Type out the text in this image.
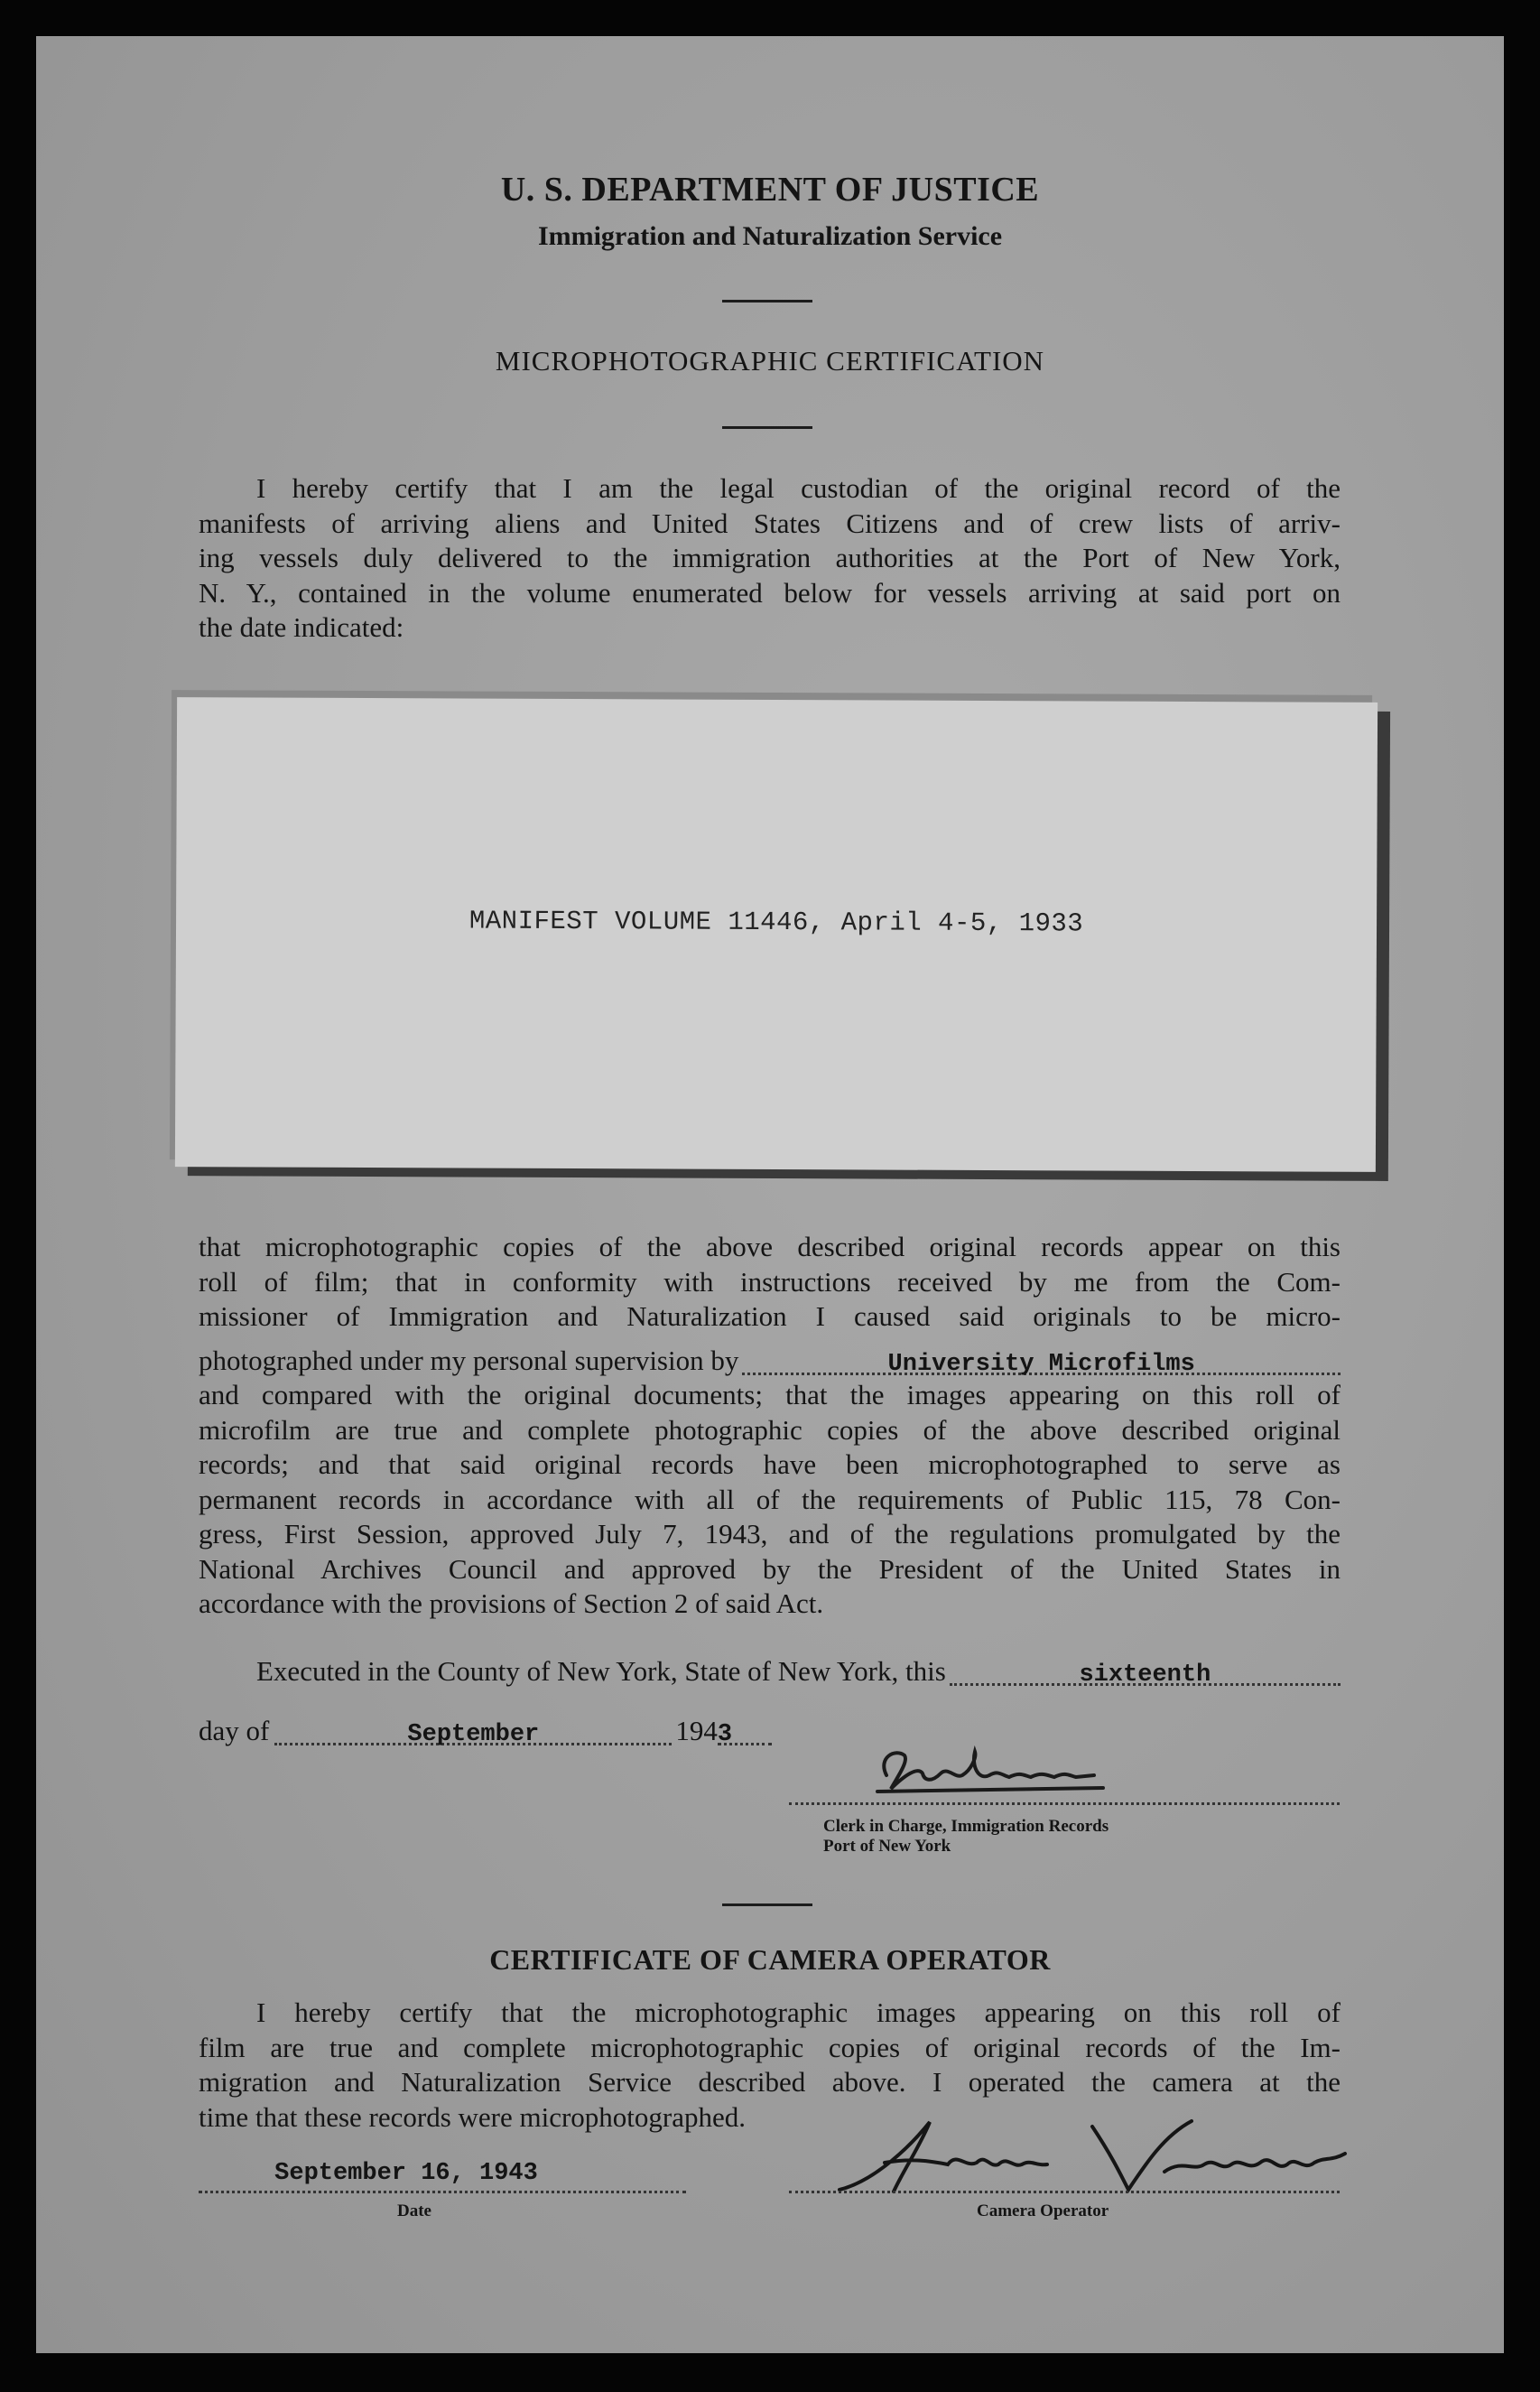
U. S. DEPARTMENT OF JUSTICE
Immigration and Naturalization Service
MICROPHOTOGRAPHIC CERTIFICATION
I hereby certify that I am the legal custodian of the original record of the
manifests of arriving aliens and United States Citizens and of crew lists of arriv-
ing vessels duly delivered to the immigration authorities at the Port of New York,
N. Y., contained in the volume enumerated below for vessels arriving at said port on
the date indicated:
MANIFEST VOLUME 11446, April 4-5, 1933
that microphotographic copies of the above described original records appear on this
roll of film; that in conformity with instructions received by me from the Com-
missioner of Immigration and Naturalization I caused said originals to be micro-
photographed under my personal supervision by	University Microfilms
and compared with the original documents; that the images appearing on this roll of
microfilm are true and complete photographic copies of the above described original
records; and that said original records have been microphotographed to serve as
permanent records in accordance with all of the requirements of Public 115, 78 Con-
gress, First Session, approved July 7, 1943, and of the regulations promulgated by the
National Archives Council and approved by the President of the United States in
accordance with the provisions of Section 2 of said Act.
Executed in the County of New York, State of New York, this	sixteenth
day of	September	194 3
Clerk in Charge, Immigration Records
Port of New York
CERTIFICATE OF CAMERA OPERATOR
I hereby certify that the microphotographic images appearing on this roll of
film are true and complete microphotographic copies of original records of the Im-
migration and Naturalization Service described above. I operated the camera at the
time that these records were microphotographed.
September 16, 1943
Date	Camera Operator
